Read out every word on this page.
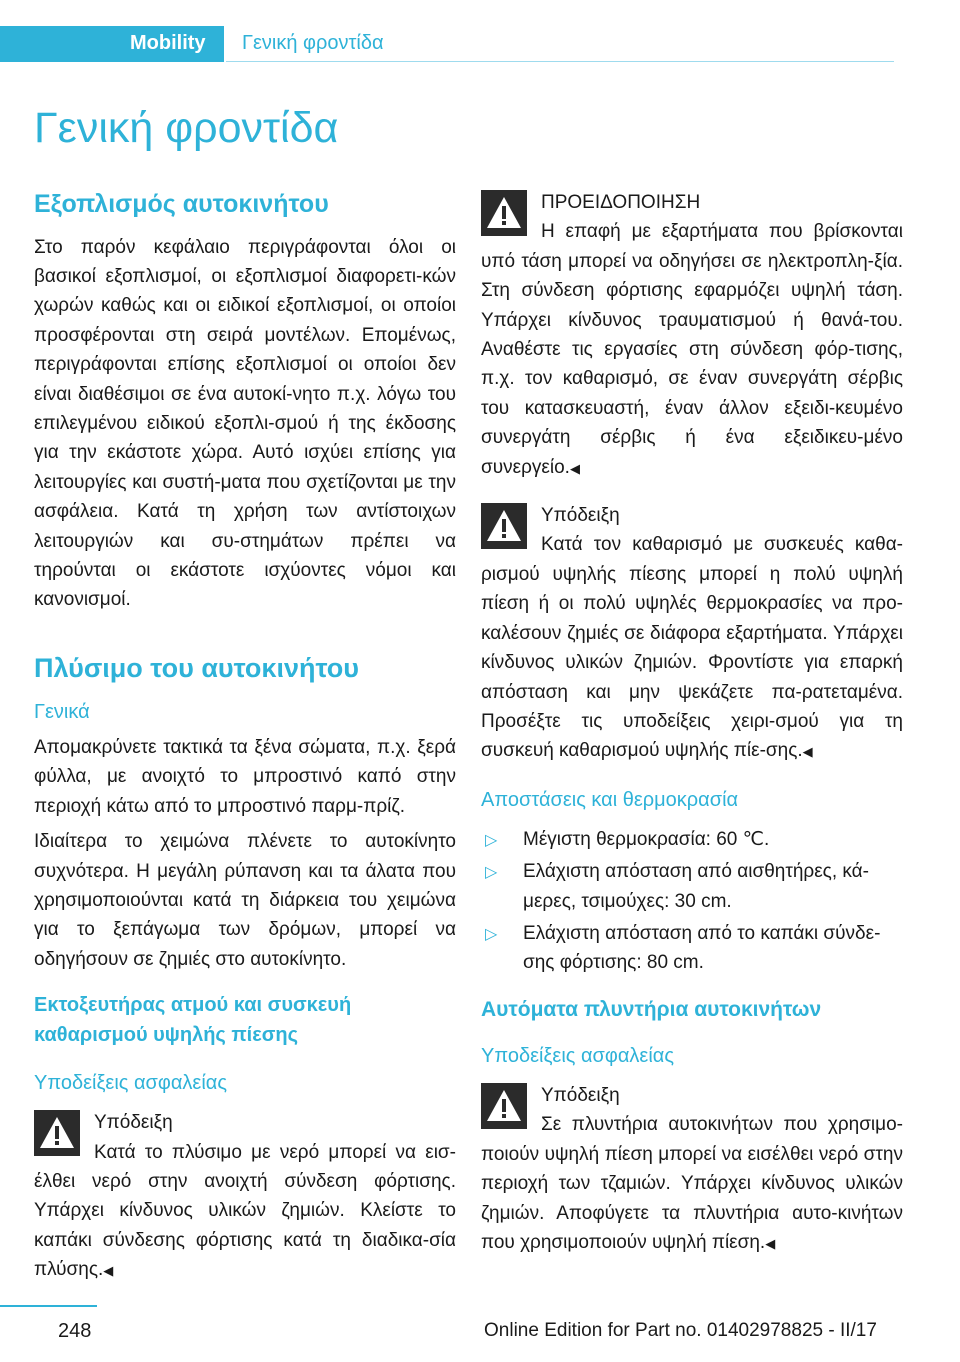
Mobility Γενική φροντίδα
Γενική φροντίδα
Εξοπλισμός αυτοκινήτου

Στο παρόν κεφάλαιο περιγράφονται όλοι οι βασικοί εξοπλισμοί, οι εξοπλισμοί διαφορετι‐κών χωρών καθώς και οι ειδικοί εξοπλισμοί, οι οποίοι προσφέρονται στη σειρά μοντέλων. Επομένως, περιγράφονται επίσης εξοπλισμοί οι οποίοι δεν είναι διαθέσιμοι σε ένα αυτοκί‐νητο π.χ. λόγω του επιλεγμένου ειδικού εξοπλι‐σμού ή της έκδοσης για την εκάστοτε χώρα. Αυτό ισχύει επίσης για λειτουργίες και συστή‐ματα που σχετίζονται με την ασφάλεια. Κατά τη χρήση των αντίστοιχων λειτουργιών και συ‐στημάτων πρέπει να τηρούνται οι εκάστοτε ισχύοντες νόμοι και κανονισμοί.

Πλύσιμο του αυτοκινήτου
Γενικά

Απομακρύνετε τακτικά τα ξένα σώματα, π.χ. ξερά φύλλα, με ανοιχτό το μπροστινό καπό στην περιοχή κάτω από το μπροστινό παρμ‐πρίζ.

Ιδιαίτερα το χειμώνα πλένετε το αυτοκίνητο συχνότερα. Η μεγάλη ρύπανση και τα άλατα που χρησιμοποιούνται κατά τη διάρκεια του χειμώνα για το ξεπάγωμα των δρόμων, μπορεί να οδηγήσουν σε ζημιές στο αυτοκίνητο.

Εκτοξευτήρας ατμού και συσκευή καθαρισμού υψηλής πίεσης
Υποδείξεις ασφαλείας
Υπόδειξη
Κατά το πλύσιμο με νερό μπορεί να εισ‐έλθει νερό στην ανοιχτή σύνδεση φόρτισης. Υπάρχει κίνδυνος υλικών ζημιών. Κλείστε το καπάκι σύνδεσης φόρτισης κατά τη διαδικα‐σία πλύσης.◀
ΠΡΟΕΙΔΟΠΟΙΗΣΗ
Η επαφή με εξαρτήματα που βρίσκονται υπό τάση μπορεί να οδηγήσει σε ηλεκτροπλη‐ξία. Στη σύνδεση φόρτισης εφαρμόζει υψηλή τάση. Υπάρχει κίνδυνος τραυματισμού ή θανά‐του. Αναθέστε τις εργασίες στη σύνδεση φόρ‐τισης, π.χ. τον καθαρισμό, σε έναν συνεργάτη σέρβις του κατασκευαστή, έναν άλλον εξειδι‐κευμένο συνεργάτη σέρβις ή ένα εξειδικευ‐μένο συνεργείο.◀
Υπόδειξη
Κατά τον καθαρισμό με συσκευές καθα‐ρισμού υψηλής πίεσης μπορεί η πολύ υψηλή πίεση ή οι πολύ υψηλές θερμοκρασίες να προ‐καλέσουν ζημιές σε διάφορα εξαρτήματα. Υπάρχει κίνδυνος υλικών ζημιών. Φροντίστε για επαρκή απόσταση και μην ψεκάζετε πα‐ρατεταμένα. Προσέξτε τις υποδείξεις χειρι‐σμού για τη συσκευή καθαρισμού υψηλής πίε‐σης.◀
Αποστάσεις και θερμοκρασία
▷ Μέγιστη θερμοκρασία: 60 ℃.
▷ Ελάχιστη απόσταση από αισθητήρες, κά‐μερες, τσιμούχες: 30 cm.
▷ Ελάχιστη απόσταση από το καπάκι σύνδε‐σης φόρτισης: 80 cm.
Αυτόματα πλυντήρια αυτοκινήτων
Υποδείξεις ασφαλείας
Υπόδειξη
Σε πλυντήρια αυτοκινήτων που χρησιμο‐ποιούν υψηλή πίεση μπορεί να εισέλθει νερό στην περιοχή των τζαμιών. Υπάρχει κίνδυνος υλικών ζημιών. Αποφύγετε τα πλυντήρια αυτο‐κινήτων που χρησιμοποιούν υψηλή πίεση.◀
248	Online Edition for Part no. 01402978825 - II/17
